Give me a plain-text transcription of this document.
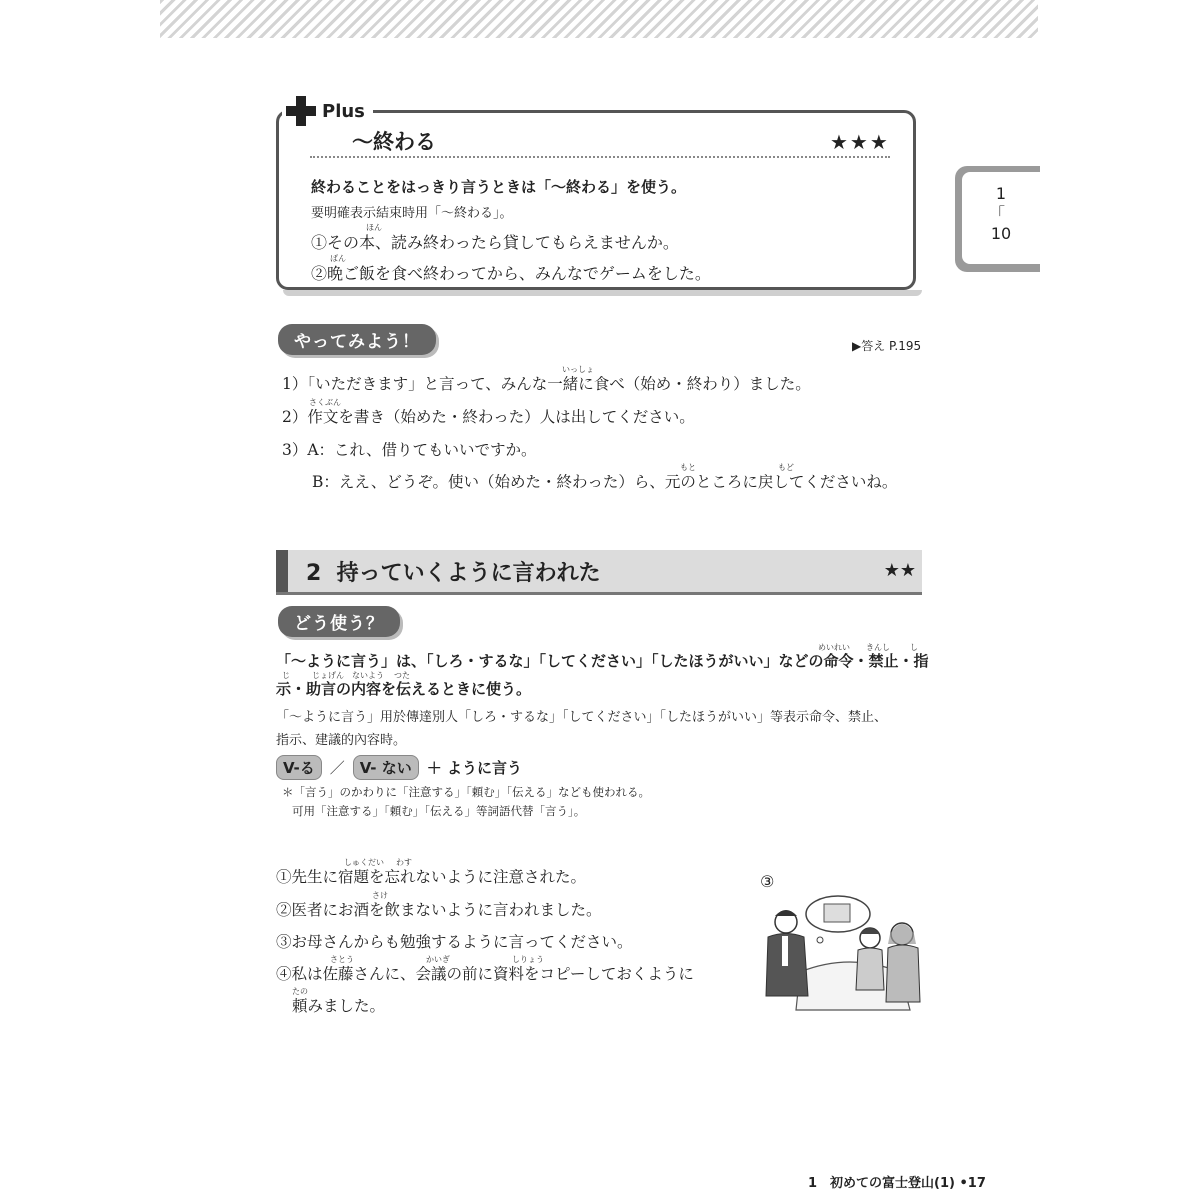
Plus
～終わる	★★★
終わることをはっきり言うときは「～終わる」を使う。
要明確表示結束時用「～終わる」。
ほん
①その本、読み終わったら貸してもらえませんか。
ばん
②晩ご飯を食べ終わってから、みんなでゲームをした。
1
｢
10
やってみよう！	▶答え P.195
いっしょ
1）「いただきます」と言って、みんな一緒に食べ（始め・終わり）ました。
さくぶん
2）作文を書き（始めた・終わった）人は出してください。
3）A：これ、借りてもいいですか。
もと	もど
B：ええ、どうぞ。使い（始めた・終わった）ら、元のところに戻してくださいね。
2 持っていくように言われた	★★
どう使う？
めいれい きんし	し
「～ように言う」は、「しろ・するな」「してください」「したほうがいい」などの命令・禁止・指
じ	じょげん ないよう つた
示・助言の内容を伝えるときに使う。
「～ように言う」用於傳達別人「しろ・するな」「してください」「したほうがいい」等表示命令、禁止、
指示、建議的內容時。
V-る	／	V- ない	＋ ように言う
＊「言う」のかわりに「注意する」「頼む」「伝える」なども使われる。
可用「注意する」「頼む」「伝える」等詞語代替「言う」。
しゅくだい わす
①先生に宿題を忘れないように注意された。
さけ
②医者にお酒を飲まないように言われました。
③お母さんからも勉強するように言ってください。
さとう	かいぎ	しりょう
④私は佐藤さんに、会議の前に資料をコピーしておくように
たの
頼みました。
③
1　初めての富士登山(1) •17
